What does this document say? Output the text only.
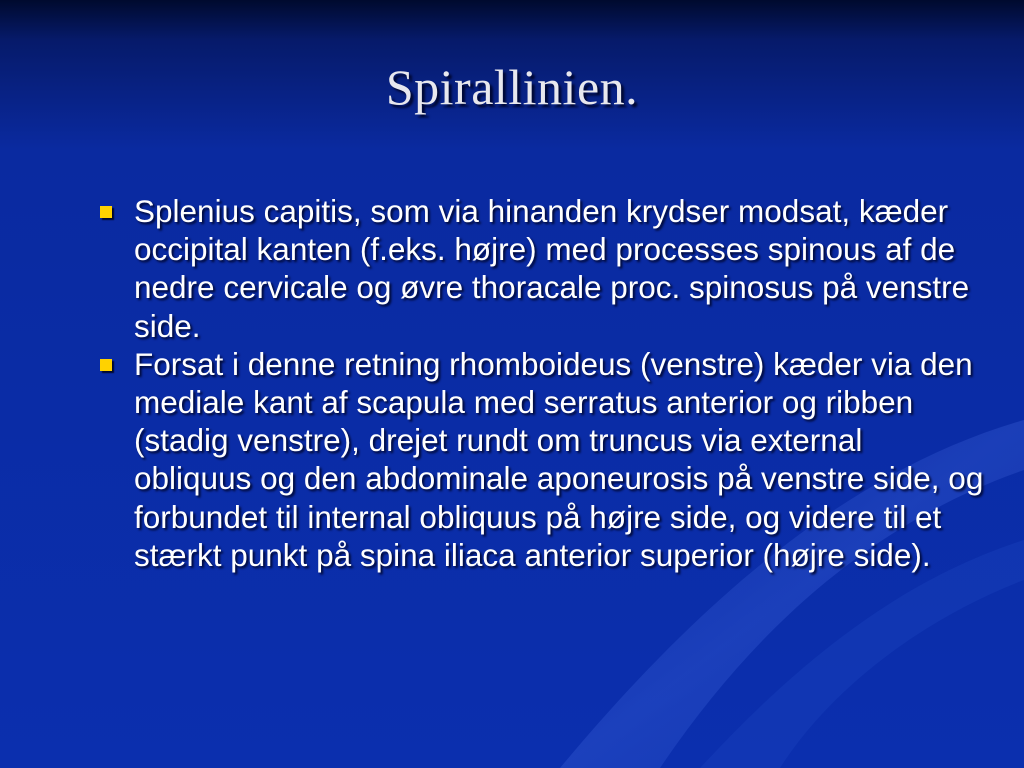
Spirallinien.
Splenius capitis, som via hinanden krydser modsat, kæder occipital kanten (f.eks. højre) med processes spinous af de nedre cervicale og øvre thoracale proc. spinosus på venstre side.
Forsat i denne retning rhomboideus (venstre) kæder via den mediale kant af scapula med serratus anterior og ribben (stadig venstre), drejet rundt om truncus via external obliquus og den abdominale aponeurosis på venstre side, og forbundet til internal obliquus på højre side, og videre til et stærkt punkt på spina iliaca anterior superior (højre side).
